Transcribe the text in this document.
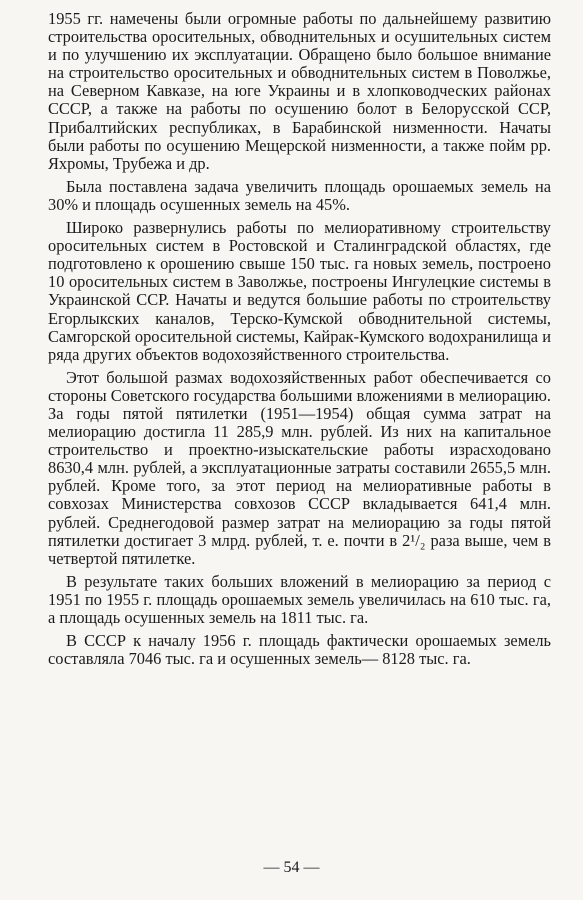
1955 гг. намечены были огромные работы по дальнейшему развитию строительства оросительных, обводнительных и осушительных систем и по улучшению их эксплуатации. Обращено было большое внимание на строительство оросительных и обводнительных систем в Поволжье, на Северном Кавказе, на юге Украины и в хлопководческих районах СССР, а также на работы по осушению болот в Белорусской ССР, Прибалтийских республиках, в Барабинской низменности. Начаты были работы по осушению Мещерской низменности, а также пойм рр. Яхромы, Трубежа и др.

Была поставлена задача увеличить площадь орошаемых земель на 30% и площадь осушенных земель на 45%.

Широко развернулись работы по мелиоративному строительству оросительных систем в Ростовской и Сталинградской областях, где подготовлено к орошению свыше 150 тыс. га новых земель, построено 10 оросительных систем в Заволжье, построены Ингулецкие системы в Украинской ССР. Начаты и ведутся большие работы по строительству Егорлыкских каналов, Терско-Кумской обводнительной системы, Самгорской оросительной системы, Кайрак-Кумского водохранилища и ряда других объектов водохозяйственного строительства.

Этот большой размах водохозяйственных работ обеспечивается со стороны Советского государства большими вложениями в мелиорацию. За годы пятой пятилетки (1951—1954) общая сумма затрат на мелиорацию достигла 11 285,9 млн. рублей. Из них на капитальное строительство и проектно-изыскательские работы израсходовано 8630,4 млн. рублей, а эксплуатационные затраты составили 2655,5 млн. рублей. Кроме того, за этот период на мелиоративные работы в совхозах Министерства совхозов СССР вкладывается 641,4 млн. рублей. Среднегодовой размер затрат на мелиорацию за годы пятой пятилетки достигает 3 млрд. рублей, т. е. почти в 2¹/₂ раза выше, чем в четвертой пятилетке.

В результате таких больших вложений в мелиорацию за период с 1951 по 1955 г. площадь орошаемых земель увеличилась на 610 тыс. га, а площадь осушенных земель на 1811 тыс. га.

В СССР к началу 1956 г. площадь фактически орошаемых земель составляла 7046 тыс. га и осушенных земель— 8128 тыс. га.

— 54 —
